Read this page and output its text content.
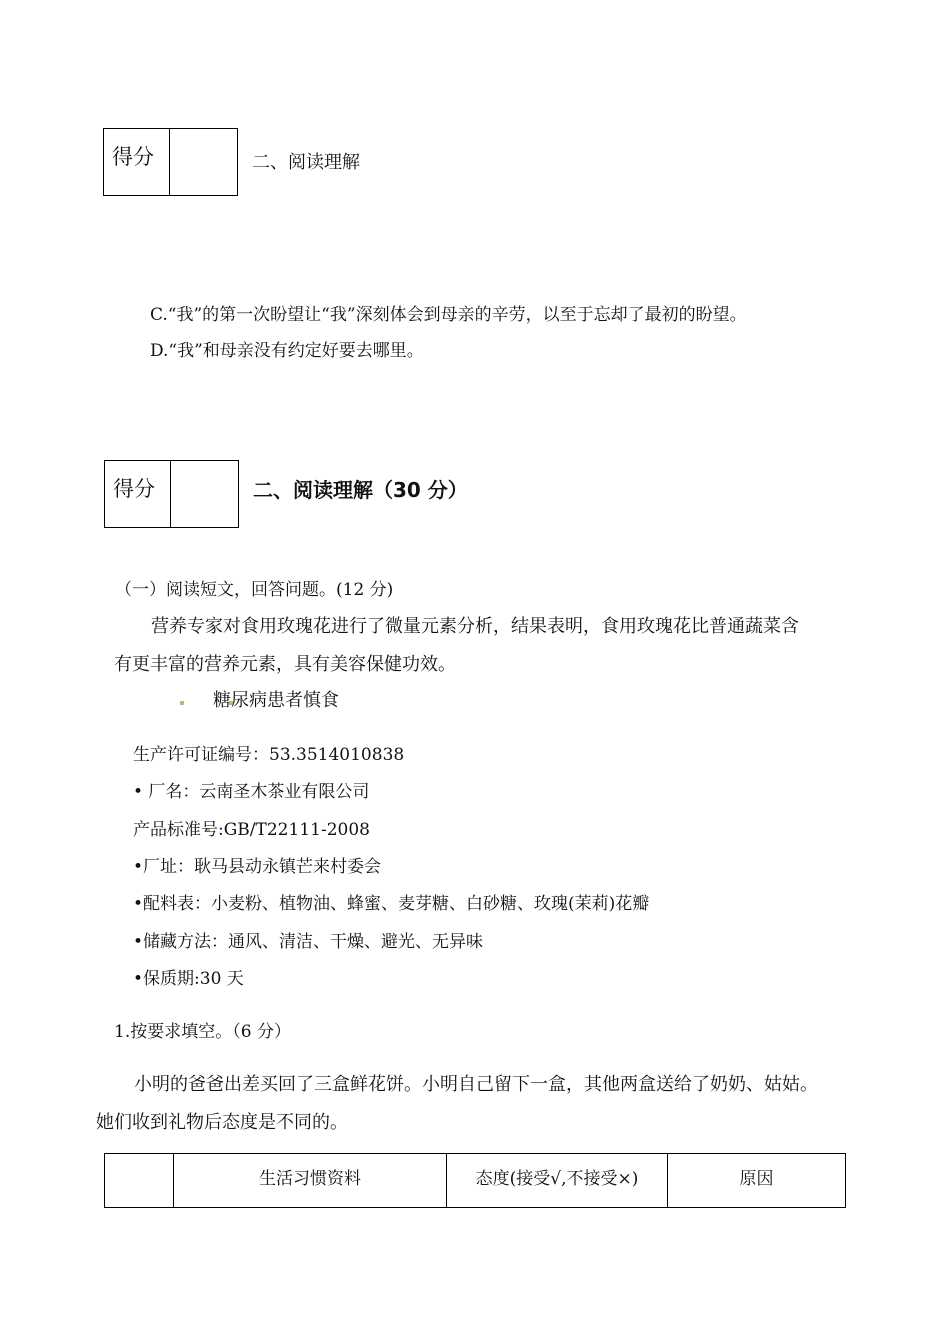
得分	二、阅读理解
C.“我”的第一次盼望让“我”深刻体会到母亲的辛劳，以至于忘却了最初的盼望。
D.“我”和母亲没有约定好要去哪里。
得分	二、阅读理解（30 分）
（一）阅读短文，回答问题。(12 分)
营养专家对食用玫瑰花进行了微量元素分析，结果表明，食用玫瑰花比普通蔬菜含
有更丰富的营养元素，具有美容保健功效。
糖尿病患者慎食
生产许可证编号：53.3514010838
• 厂名：云南圣木茶业有限公司
产品标准号:GB/T22111-2008
•厂址：耿马县动永镇芒来村委会
•配料表：小麦粉、植物油、蜂蜜、麦芽糖、白砂糖、玫瑰(茉莉)花瓣
•储藏方法：通风、清洁、干燥、避光、无异味
•保质期:30 天
1.按要求填空。（6 分）
小明的爸爸出差买回了三盒鲜花饼。小明自己留下一盒，其他两盒送给了奶奶、姑姑。
她们收到礼物后态度是不同的。
	生活习惯资料	态度(接受√,不接受×)	原因
